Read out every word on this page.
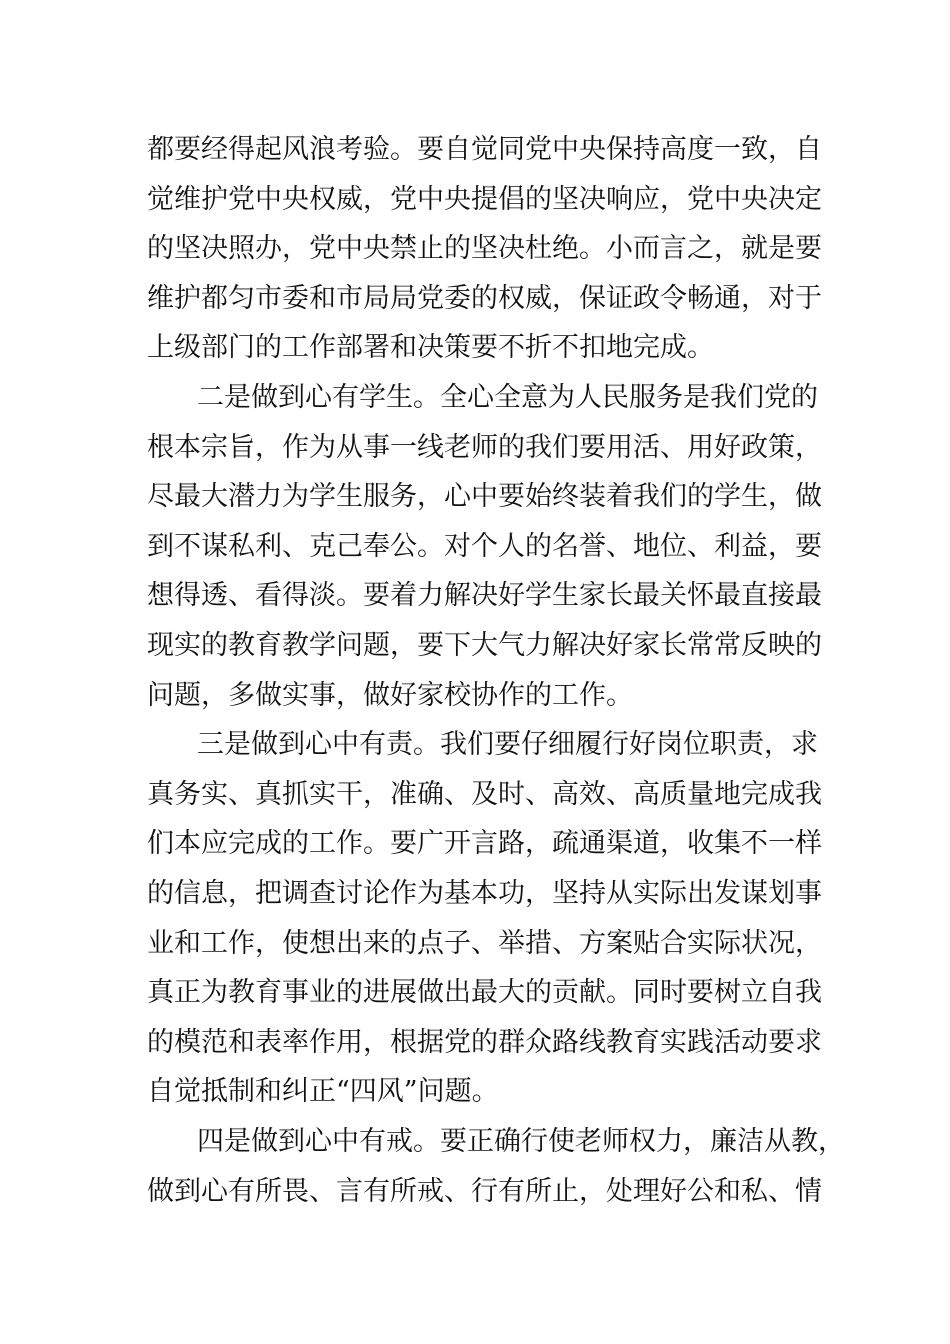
都要经得起风浪考验。要自觉同党中央保持高度一致，自
觉维护党中央权威，党中央提倡的坚决响应，党中央决定
的坚决照办，党中央禁止的坚决杜绝。小而言之，就是要
维护都匀市委和市局局党委的权威，保证政令畅通，对于
上级部门的工作部署和决策要不折不扣地完成。
二是做到心有学生。全心全意为人民服务是我们党的
根本宗旨，作为从事一线老师的我们要用活、用好政策，
尽最大潜力为学生服务，心中要始终装着我们的学生，做
到不谋私利、克己奉公。对个人的名誉、地位、利益，要
想得透、看得淡。要着力解决好学生家长最关怀最直接最
现实的教育教学问题，要下大气力解决好家长常常反映的
问题，多做实事，做好家校协作的工作。
三是做到心中有责。我们要仔细履行好岗位职责，求
真务实、真抓实干，准确、及时、高效、高质量地完成我
们本应完成的工作。要广开言路，疏通渠道，收集不一样
的信息，把调查讨论作为基本功，坚持从实际出发谋划事
业和工作，使想出来的点子、举措、方案贴合实际状况，
真正为教育事业的进展做出最大的贡献。同时要树立自我
的模范和表率作用，根据党的群众路线教育实践活动要求
自觉抵制和纠正“四风”问题。
四是做到心中有戒。要正确行使老师权力，廉洁从教，
做到心有所畏、言有所戒、行有所止，处理好公和私、情
